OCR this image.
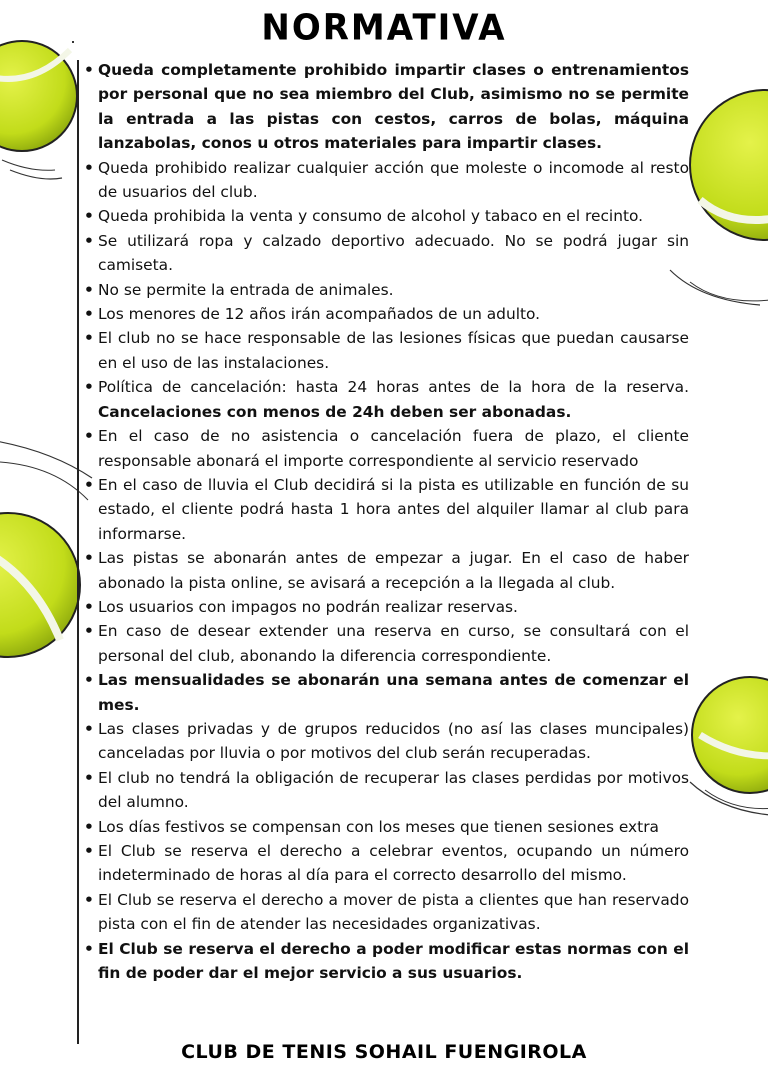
NORMATIVA
• Queda completamente prohibido impartir clases o entrenamientos por personal que no sea miembro del Club, asimismo no se permite la entrada a las pistas con cestos, carros de bolas, máquina lanzabolas, conos u otros materiales para impartir clases.
• Queda prohibido realizar cualquier acción que moleste o incomode al resto de usuarios del club.
• Queda prohibida la venta y consumo de alcohol y tabaco en el recinto.
• Se utilizará ropa y calzado deportivo adecuado. No se podrá jugar sin camiseta.
• No se permite la entrada de animales.
• Los menores de 12 años irán acompañados de un adulto.
• El club no se hace responsable de las lesiones físicas que puedan causarse en el uso de las instalaciones.
• Política de cancelación: hasta 24 horas antes de la hora de la reserva. Cancelaciones con menos de 24h deben ser abonadas.
• En el caso de no asistencia o cancelación fuera de plazo, el cliente responsable abonará el importe correspondiente al servicio reservado
• En el caso de lluvia el Club decidirá si la pista es utilizable en función de su estado, el cliente podrá hasta 1 hora antes del alquiler llamar al club para informarse.
• Las pistas se abonarán antes de empezar a jugar. En el caso de haber abonado la pista online, se avisará a recepción a la llegada al club.
• Los usuarios con impagos no podrán realizar reservas.
• En caso de desear extender una reserva en curso, se consultará con el personal del club, abonando la diferencia correspondiente.
• Las mensualidades se abonarán una semana antes de comenzar el mes.
• Las clases privadas y de grupos reducidos (no así las clases muncipales) canceladas por lluvia o por motivos del club serán recuperadas.
• El club no tendrá la obligación de recuperar las clases perdidas por motivos del alumno.
• Los días festivos se compensan con los meses que tienen sesiones extra
• El Club se reserva el derecho a celebrar eventos, ocupando un número indeterminado de horas al día para el correcto desarrollo del mismo.
• El Club se reserva el derecho a mover de pista a clientes que han reservado pista con el fin de atender las necesidades organizativas.
• El Club se reserva el derecho a poder modificar estas normas con el fin de poder dar el mejor servicio a sus usuarios.
CLUB DE TENIS SOHAIL FUENGIROLA
